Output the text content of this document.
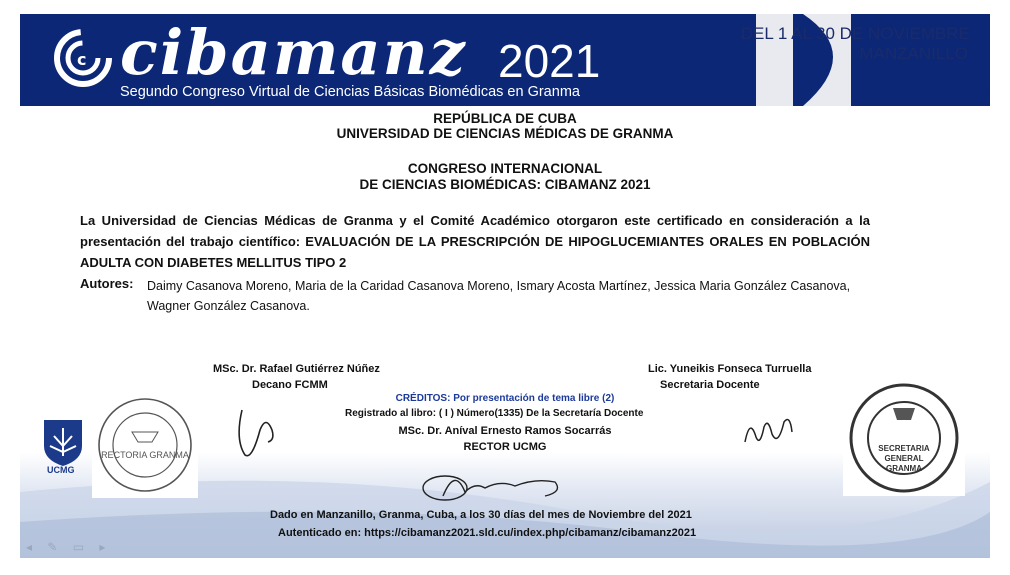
c cibamanz 2021
Segundo Congreso Virtual de Ciencias Básicas Biomédicas en Granma
DEL 1 AL 30 DE NOVIEMBRE
MANZANILLO
REPÚBLICA DE CUBA
UNIVERSIDAD DE CIENCIAS MÉDICAS DE GRANMA
CONGRESO INTERNACIONAL
DE CIENCIAS BIOMÉDICAS: CIBAMANZ 2021
La Universidad de Ciencias Médicas de Granma y el Comité Académico otorgaron este certificado en consideración a la presentación del trabajo científico: EVALUACIÓN DE LA PRESCRIPCIÓN DE HIPOGLUCEMIANTES ORALES EN POBLACIÓN ADULTA CON DIABETES MELLITUS TIPO 2
Autores: Daimy Casanova Moreno, Maria de la Caridad Casanova Moreno, Ismary Acosta Martínez, Jessica Maria González Casanova, Wagner González Casanova.
MSc. Dr. Rafael Gutiérrez Núñez
Decano FCMM
Lic. Yuneikis Fonseca Turruella
Secretaria Docente
CRÉDITOS: Por presentación de tema libre (2)
Registrado al libro: ( I ) Número(1335) De la Secretaría Docente
MSc. Dr. Aníval Ernesto Ramos Socarrás
RECTOR UCMG
RECTORIA GRANMA
SECRETARIA GENERAL GRANMA
UCMG
Dado en Manzanillo, Granma, Cuba, a los 30 días del mes de Noviembre del 2021
Autenticado en: https://cibamanz2021.sld.cu/index.php/cibamanz/cibamanz2021
◂ ✎ ▭ ▸
